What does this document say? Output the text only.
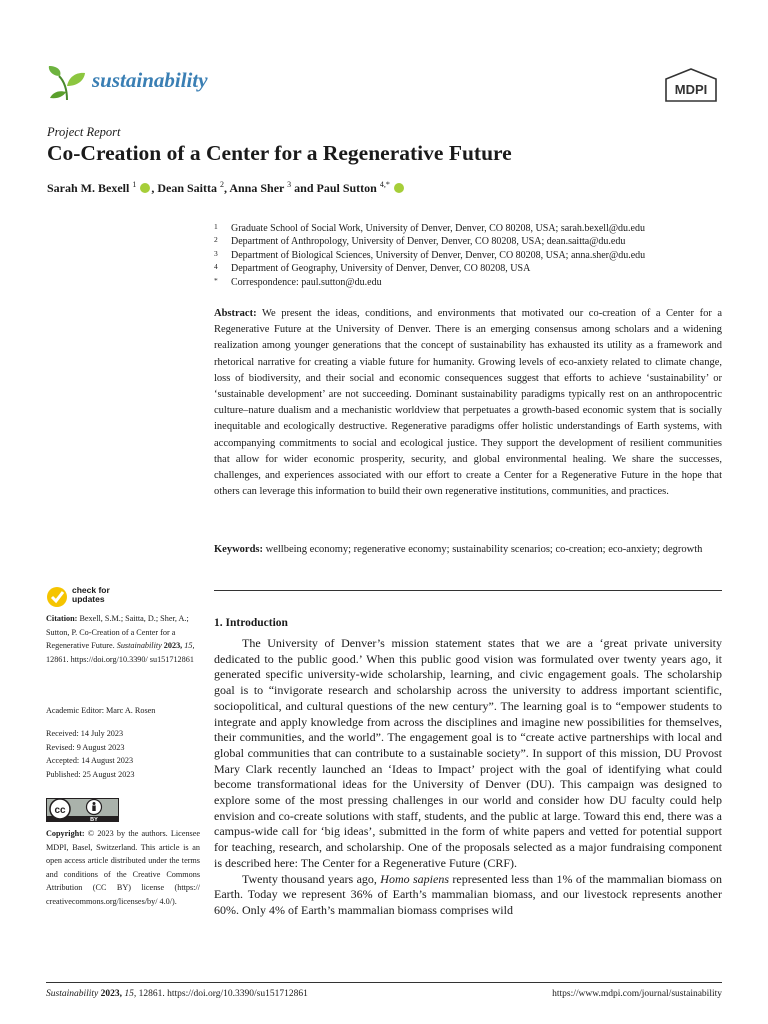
sustainability	MDPI
Project Report
Co-Creation of a Center for a Regenerative Future
Sarah M. Bexell $^1$ , Dean Saitta $^2$, Anna Sher $^3$ and Paul Sutton $^{4,*}$
1	Graduate School of Social Work, University of Denver, Denver, CO 80208, USA; sarah.bexell@du.edu
2	Department of Anthropology, University of Denver, Denver, CO 80208, USA; dean.saitta@du.edu
3	Department of Biological Sciences, University of Denver, Denver, CO 80208, USA; anna.sher@du.edu
4	Department of Geography, University of Denver, Denver, CO 80208, USA
*	Correspondence: paul.sutton@du.edu
Abstract: We present the ideas, conditions, and environments that motivated our co-creation of a Center for a Regenerative Future at the University of Denver. There is an emerging consensus among scholars and a widening realization among younger generations that the concept of sustainability has exhausted its utility as a framework and rhetorical narrative for creating a viable future for humanity. Growing levels of eco-anxiety related to climate change, loss of biodiversity, and their social and economic consequences suggest that efforts to achieve ‘sustainability’ or ‘sustainable development’ are not succeeding. Dominant sustainability paradigms typically rest on an anthropocentric culture–nature dualism and a mechanistic worldview that perpetuates a growth-based economic system that is socially inequitable and ecologically destructive. Regenerative paradigms offer holistic understandings of Earth systems, with accompanying commitments to social and ecological justice. They support the development of resilient communities that allow for wider economic prosperity, security, and global environmental healing. We share the successes, challenges, and experiences associated with our effort to create a Center for a Regenerative Future in the hope that others can leverage this information to build their own regenerative institutions, communities, and practices.
Keywords: wellbeing economy; regenerative economy; sustainability scenarios; co-creation; eco-anxiety; degrowth
check for
updates
Citation: Bexell, S.M.; Saitta, D.; Sher, A.; Sutton, P. Co-Creation of a Center for a Regenerative Future. Sustainability 2023, 15, 12861. https://doi.org/10.3390/ su151712861
Academic Editor: Marc A. Rosen
Received: 14 July 2023
Revised: 9 August 2023
Accepted: 14 August 2023
Published: 25 August 2023
cc
BY
Copyright: © 2023 by the authors. Licensee MDPI, Basel, Switzerland. This article is an open access article distributed under the terms and conditions of the Creative Commons Attribution (CC BY) license (https:// creativecommons.org/licenses/by/ 4.0/).
1. Introduction

The University of Denver’s mission statement states that we are a ‘great private university dedicated to the public good.’ When this public good vision was formulated over twenty years ago, it generated specific university-wide scholarship, learning, and civic engagement goals. The scholarship goal is to “invigorate research and scholarship across the university to address important scientific, sociopolitical, and cultural questions of the new century”. The learning goal is to “empower students to integrate and apply knowledge from across the disciplines and imagine new possibilities for themselves, their communities, and the world”. The engagement goal is to “create active partnerships with local and global communities that can contribute to a sustainable society”. In support of this mission, DU Provost Mary Clark recently launched an ‘Ideas to Impact’ project with the goal of identifying what could become transformational ideas for the University of Denver (DU). This campaign was designed to explore some of the most pressing challenges in our world and consider how DU faculty could help envision and co-create solutions with staff, students, and the public at large. Toward this end, there was a campus-wide call for ‘big ideas’, submitted in the form of white papers and vetted for potential support for teaching, research, and scholarship. One of the proposals selected as a major fundraising component is described here: The Center for a Regenerative Future (CRF).

Twenty thousand years ago, Homo sapiens represented less than 1% of the mammalian biomass on Earth. Today we represent 36% of Earth’s mammalian biomass, and our livestock represents another 60%. Only 4% of Earth’s mammalian biomass comprises wild

Sustainability 2023, 15, 12861. https://doi.org/10.3390/su151712861	https://www.mdpi.com/journal/sustainability
